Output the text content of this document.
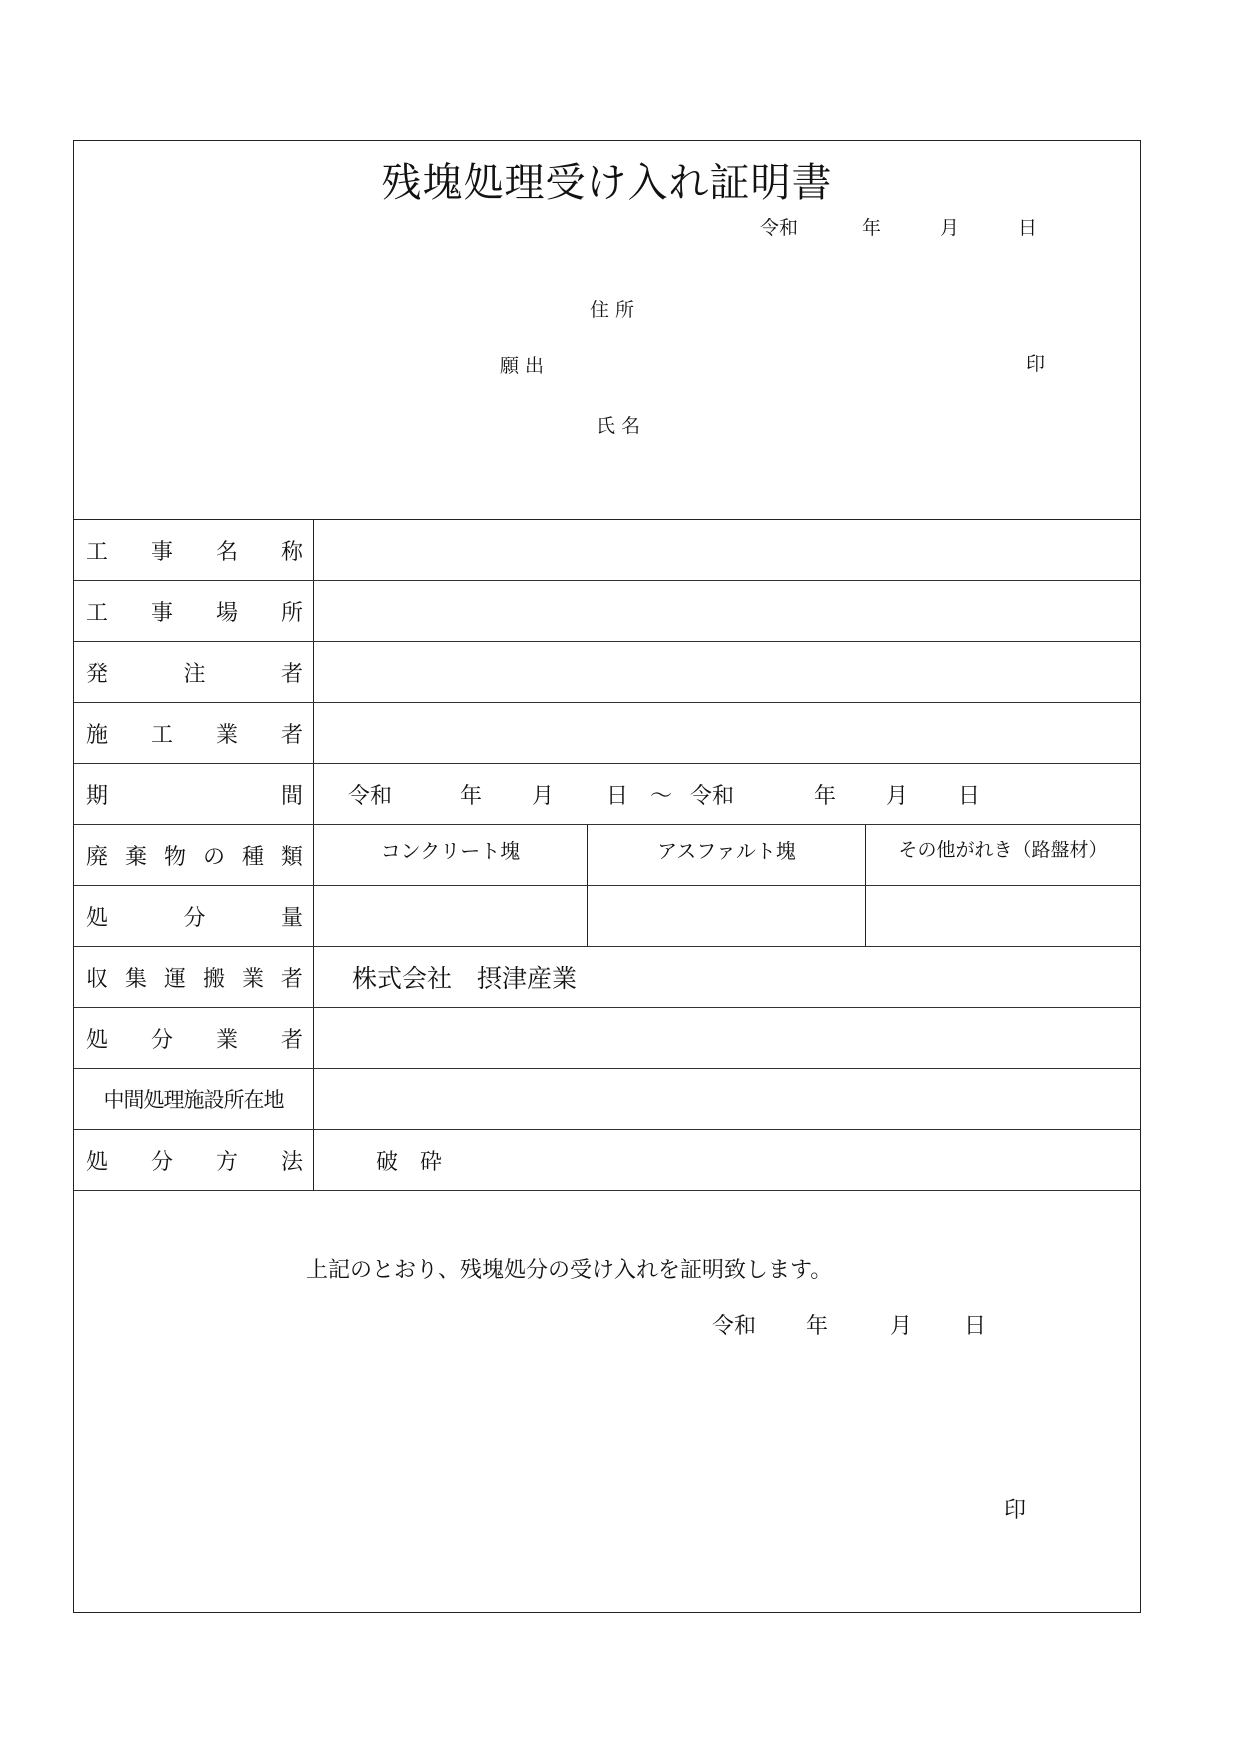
残塊処理受け入れ証明書
令和	年	月	日
住 所
願 出	印
氏 名
工 事 名 称
工 事 場 所
発	注	者
施 工 業 者
期	間 令和	年	月	日 ～ 令和	年	月	日
廃 棄 物 の 種 類	コンクリート塊	アスファルト塊	その他がれき（路盤材）
処	分	量
収 集 運 搬 業 者	株式会社　摂津産業
処 分 業 者
中間処理施設所在地
処 分 方 法	破　砕
上記のとおり、残塊処分の受け入れを証明致します。
令和 年	月 日
印
